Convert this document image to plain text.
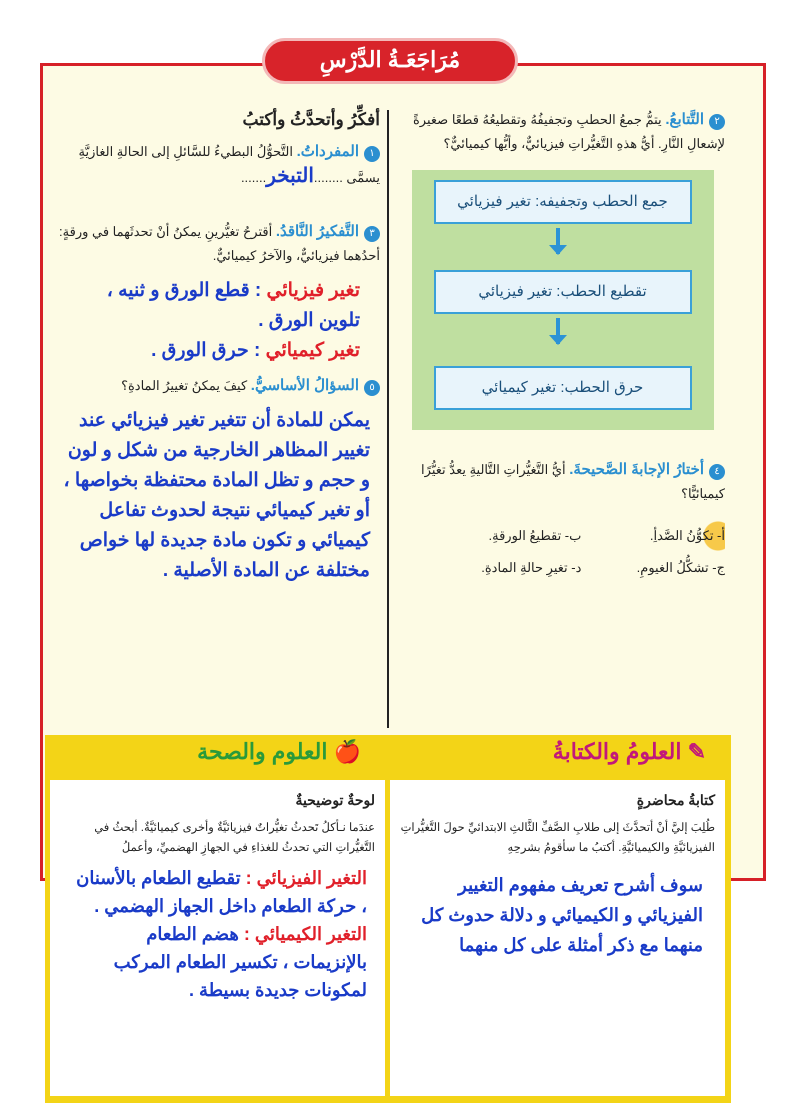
مُرَاجَعَـةُ الدَّرْسِ
٢التَّتابعُ. يتمُّ جمعُ الحطبِ وتجفيفُهُ وتقطيعُهُ قطعًا صغيرةً لإشعالِ النَّارِ. أيُّ هذهِ التَّغيُّراتِ فيزيائيٌّ، وأيُّها كيميائيٌّ؟
جمع الحطب وتجفيفه: تغير فيزيائي
تقطيع الحطب: تغير فيزيائي
حرق الحطب: تغير كيميائي
٤أختارُ الإجابةَ الصَّحيحةَ. أيُّ التَّغيُّراتِ التَّاليةِ يعدُّ تغيُّرًا كيميائيًّا؟
أ- تكوُّنُ الصَّدأِ. ب- تقطيعُ الورقةِ.
ج- تشكُّلُ الغيومِ. د- تغيرِ حالةِ المادةِ.
أفكِّرُ وأتحدَّثُ وأكتبُ
١المفرداتُ. التَّحوُّلُ البطيءُ للسَّائلِ إلى الحالةِ الغازيَّةِ يسمَّى ........التبخر.......
٣التَّفكيرُ النَّاقدُ. أقترحُ تغيُّرينِ يمكنُ أنْ تحدثَهما في ورقةٍ: أحدُهما فيزيائيٌّ، والآخرُ كيميائيٌّ.
تغير فيزيائي : قطع الورق و ثنيه ، تلوين الورق .
تغير كيميائي : حرق الورق .
٥السؤالُ الأساسيُّ. كيفَ يمكنُ تغييرُ المادةِ؟
يمكن للمادة أن تتغير تغير فيزيائي عند تغيير المظاهر الخارجية من شكل و لون و حجم و تظل المادة محتفظة بخواصها ، أو تغير كيميائي نتيجة لحدوث تفاعل كيميائي و تكون مادة جديدة لها خواص مختلفة عن المادة الأصلية .
✎ العلومُ والكتابةُ
🍎 العلوم والصحة
كتابةُ محاضرةٍ
طُلِبَ إليَّ أنْ أتحدَّثَ إلى طلابِ الصَّفِّ الثَّالثِ الابتدائيِّ حولَ التَّغيُّراتِ الفيزيائيَّةِ والكيميائيَّةِ. أكتبُ ما سأقومُ بشرحِهِ
سوف أشرح تعريف مفهوم التغيير الفيزيائي و الكيميائي و دلالة حدوث كل منهما مع ذكر أمثلة على كل منهما
لوحةٌ توضيحيةٌ
عندَما نـأكلُ تَحدثُ تغيُّراتٌ فيزيائيَّةٌ وأخرى كيميائيَّةٌ. أبحثُ في التَّغيُّراتِ التي تحدثُ للغذاءِ في الجهازِ الهضميِّ، وأعملُ
التغير الفيزيائي : تقطيع الطعام بالأسنان ، حركة الطعام داخل الجهاز الهضمي .
التغير الكيميائي : هضم الطعام بالإنزيمات ، تكسير الطعام المركب لمكونات جديدة بسيطة .
